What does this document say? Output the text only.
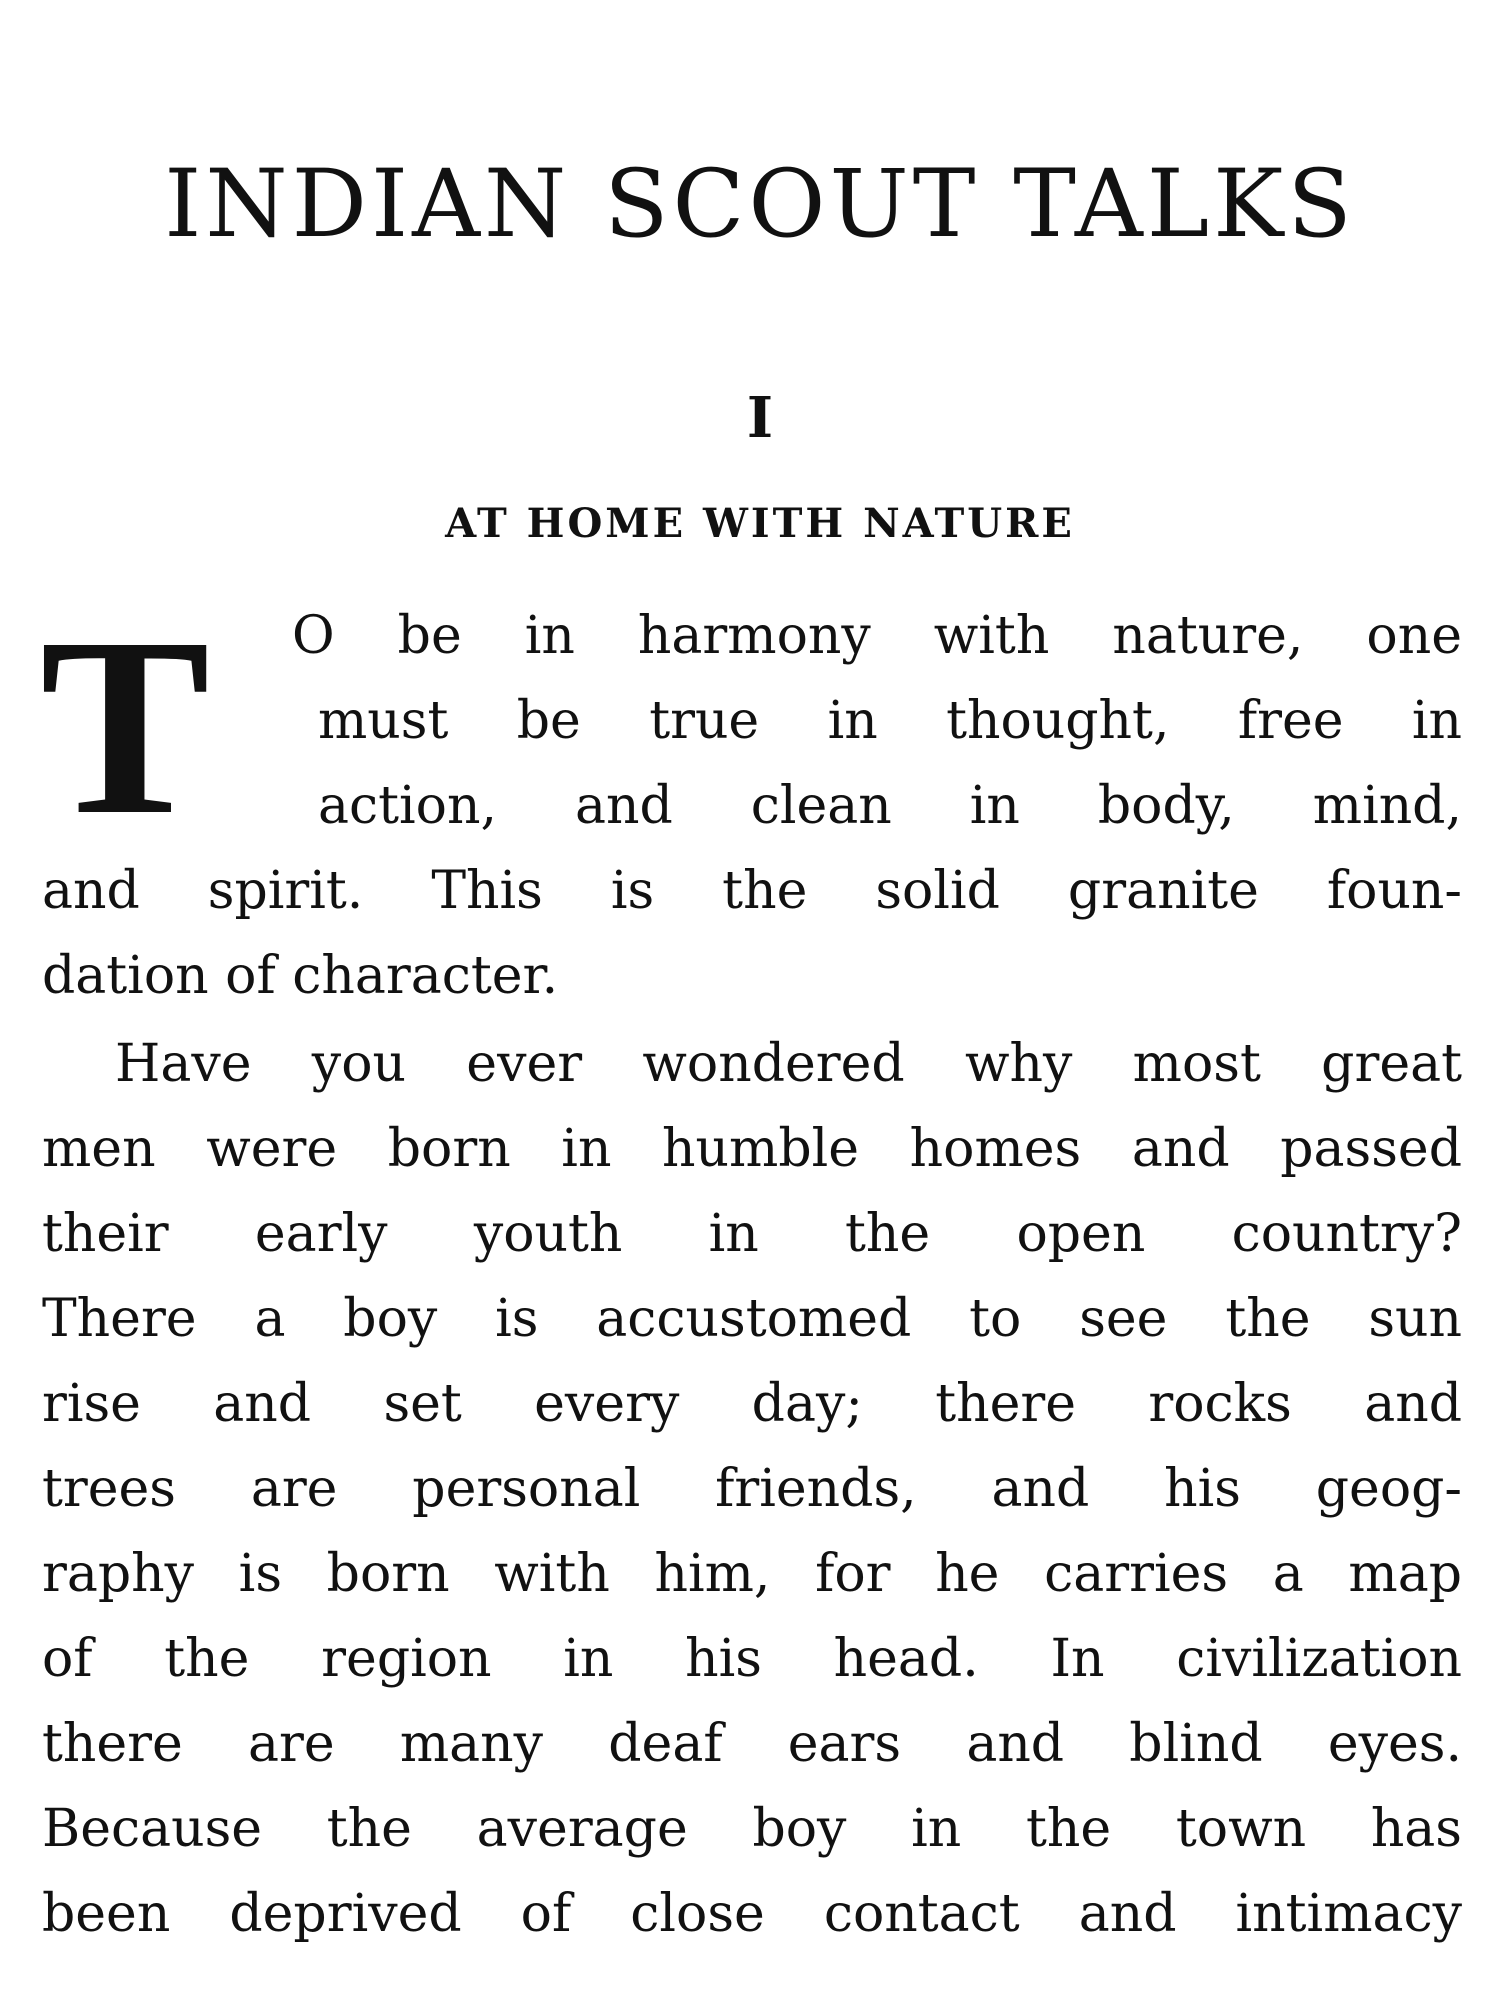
INDIAN SCOUT TALKS
I
AT HOME WITH NATURE
T O be in harmony with nature, one
must be true in thought, free in
action, and clean in body, mind,
and spirit. This is the solid granite foun-
dation of character.
Have you ever wondered why most great
men were born in humble homes and passed
their early youth in the open country?
There a boy is accustomed to see the sun
rise and set every day; there rocks and
trees are personal friends, and his geog-
raphy is born with him, for he carries a map
of the region in his head. In civilization
there are many deaf ears and blind eyes.
Because the average boy in the town has
been deprived of close contact and intimacy
